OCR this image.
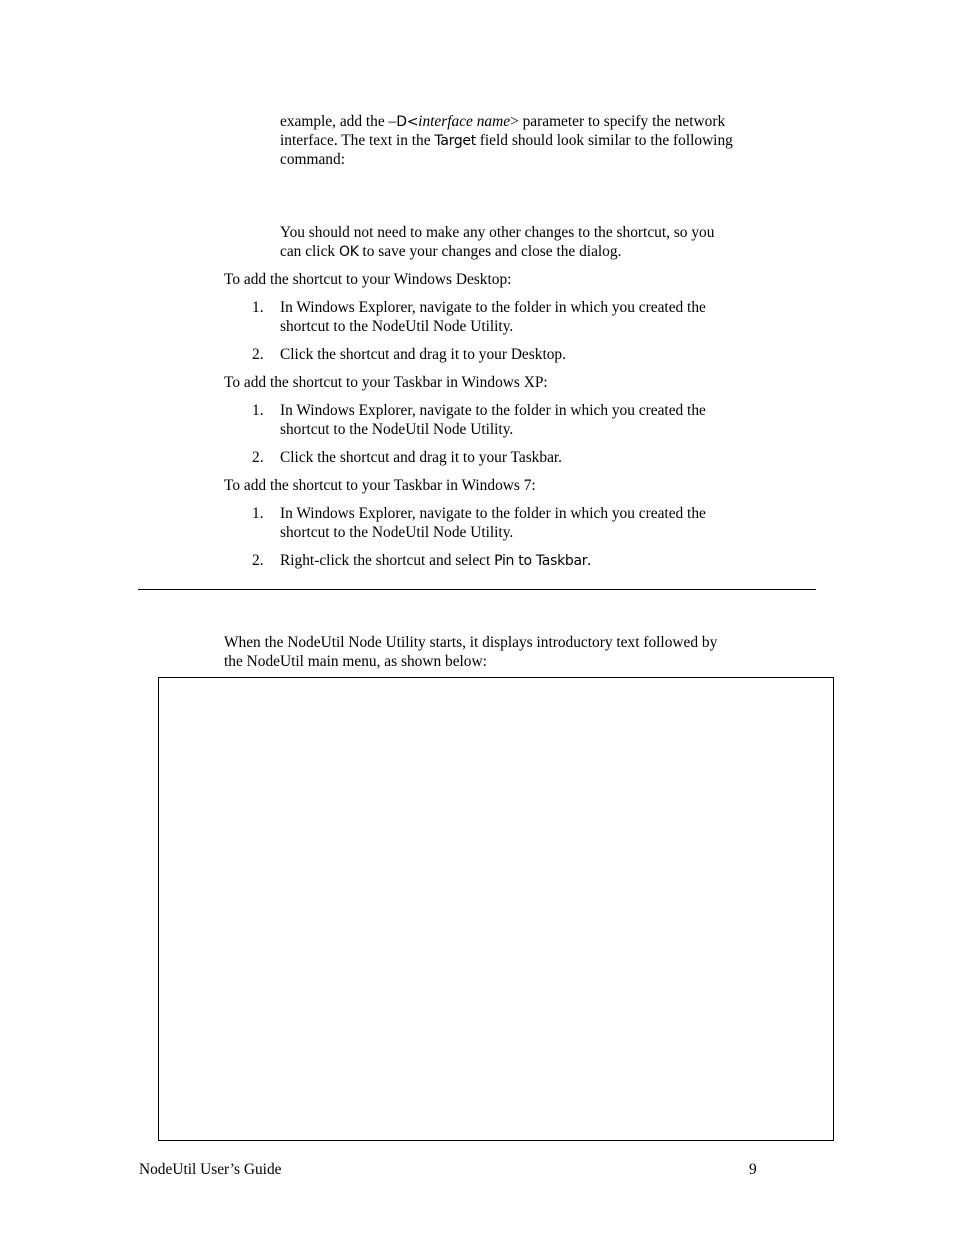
example, add the –D<interface name> parameter to specify the network
interface. The text in the Target field should look similar to the following
command:
You should not need to make any other changes to the shortcut, so you
can click OK to save your changes and close the dialog.
To add the shortcut to your Windows Desktop:
1.	In Windows Explorer, navigate to the folder in which you created the
shortcut to the NodeUtil Node Utility.
2.	Click the shortcut and drag it to your Desktop.
To add the shortcut to your Taskbar in Windows XP:
1.	In Windows Explorer, navigate to the folder in which you created the
shortcut to the NodeUtil Node Utility.
2.	Click the shortcut and drag it to your Taskbar.
To add the shortcut to your Taskbar in Windows 7:
1.	In Windows Explorer, navigate to the folder in which you created the
shortcut to the NodeUtil Node Utility.
2.	Right-click the shortcut and select Pin to Taskbar.
When the NodeUtil Node Utility starts, it displays introductory text followed by
the NodeUtil main menu, as shown below:
NodeUtil User’s Guide	9
